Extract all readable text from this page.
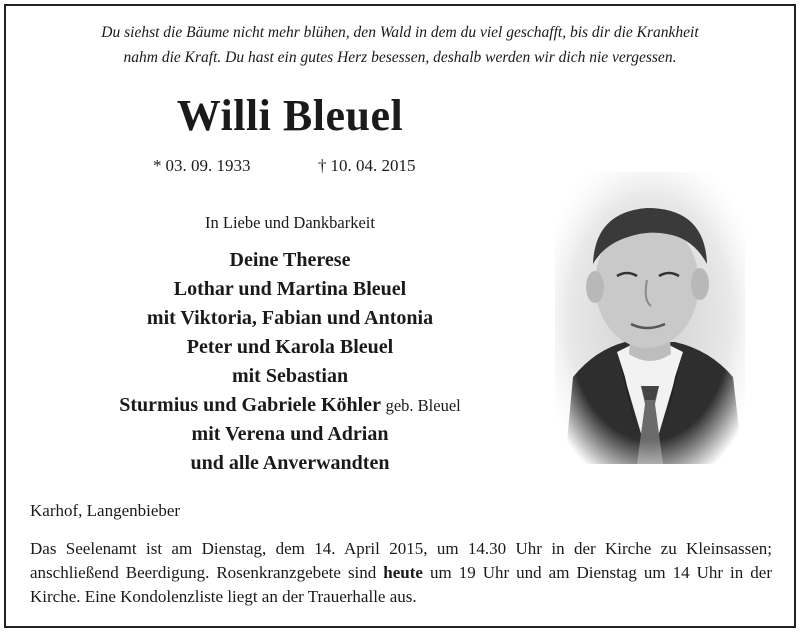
Du siehst die Bäume nicht mehr blühen, den Wald in dem du viel geschafft, bis dir die Krankheit
nahm die Kraft. Du hast ein gutes Herz besessen, deshalb werden wir dich nie vergessen.
Willi Bleuel
* 03. 09. 1933	† 10. 04. 2015
In Liebe und Dankbarkeit
Deine Therese
Lothar und Martina Bleuel
mit Viktoria, Fabian und Antonia
Peter und Karola Bleuel
mit Sebastian
Sturmius und Gabriele Köhler geb. Bleuel
mit Verena und Adrian
und alle Anverwandten
Karhof, Langenbieber
Das Seelenamt ist am Dienstag, dem 14. April 2015, um 14.30 Uhr in der Kirche zu Kleinsassen; anschließend Beerdigung. Rosenkranzgebete sind heute um 19 Uhr und am Dienstag um 14 Uhr in der Kirche. Eine Kondolenzliste liegt an der Trauerhalle aus.
